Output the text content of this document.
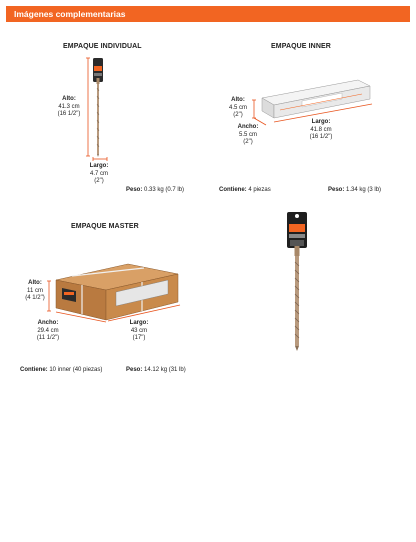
Imágenes complementarias
EMPAQUE INDIVIDUAL
Alto:
41.3 cm
(16 1/2")
Largo:
4.7 cm
(2")
Peso: 0.33 kg (0.7 lb)
EMPAQUE INNER
Alto:
4.5 cm
(2")
Ancho:
5.5 cm
(2")
Largo:
41.8 cm
(16 1/2")
Contiene: 4 piezas	Peso: 1.34 kg (3 lb)
EMPAQUE MASTER
Alto:
11 cm
(4 1/2")
Ancho:
29.4 cm
(11 1/2")
Largo:
43 cm
(17")
Contiene: 10 inner (40 piezas)	Peso: 14.12 kg (31 lb)
